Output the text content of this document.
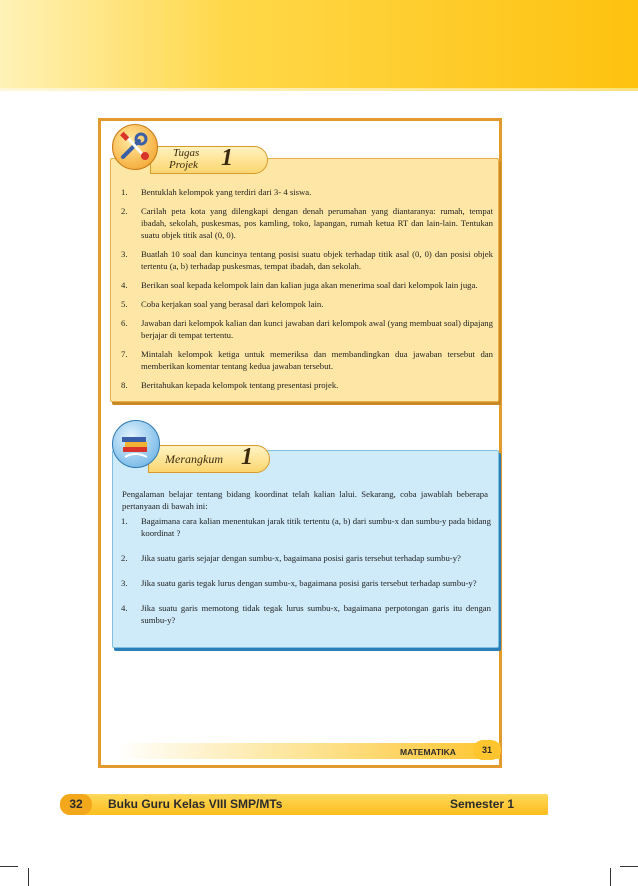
Tugas
Projek 1
1. Bentuklah kelompok yang terdiri dari 3- 4 siswa.
2. Carilah peta kota yang dilengkapi dengan denah perumahan yang diantaranya: rumah, tempat ibadah, sekolah, puskesmas, pos kamling, toko, lapangan, rumah ketua RT dan lain-lain. Tentukan suatu objek titik asal (0, 0).
3. Buatlah 10 soal dan kuncinya tentang posisi suatu objek terhadap titik asal (0, 0) dan posisi objek tertentu (a, b) terhadap puskesmas, tempat ibadah, dan sekolah.
4. Berikan soal kepada kelompok lain dan kalian juga akan menerima soal dari kelompok lain juga.
5. Coba kerjakan soal yang berasal dari kelompok lain.
6. Jawaban dari kelompok kalian dan kunci jawaban dari kelompok awal (yang membuat soal) dipajang berjajar di tempat tertentu.
7. Mintalah kelompok ketiga untuk memeriksa dan membandingkan dua jawaban tersebut dan memberikan komentar tentang kedua jawaban tersebut.
8. Beritahukan kepada kelompok tentang presentasi projek.
Merangkum 1
Pengalaman belajar tentang bidang koordinat telah kalian lalui. Sekarang, coba jawablah beberapa pertanyaan di bawah ini:
1. Bagaimana cara kalian menentukan jarak titik tertentu (a, b) dari sumbu-x dan sumbu-y pada bidang koordinat ?
2. Jika suatu garis sejajar dengan sumbu-x, bagaimana posisi garis tersebut terhadap sumbu-y?
3. Jika suatu garis tegak lurus dengan sumbu-x, bagaimana posisi garis tersebut terhadap sumbu-y?
4. Jika suatu garis memotong tidak tegak lurus sumbu-x, bagaimana perpotongan garis itu dengan sumbu-y?
MATEMATIKA	31
32	Buku Guru Kelas VIII SMP/MTs	Semester 1
